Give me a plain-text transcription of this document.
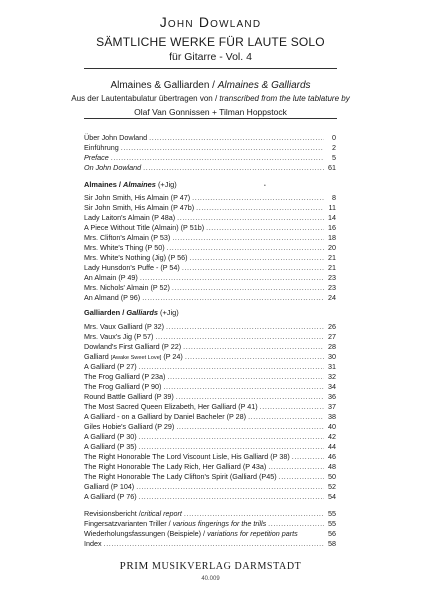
John Dowland
SÄMTLICHE WERKE FÜR LAUTE SOLO
für Gitarre - Vol. 4
Almaines & Galliarden / Almaines & Galliards
Aus der Lautentabulatur übertragen von / transcribed from the lute tablature by
Olaf Van Gonnissen + Tilman Hoppstock
Über John Dowland .....	0
Einführung .....	2
Preface .....	5
On John Dowland .....	61
Almaines / Almaines (+Jig)	•
Sir John Smith, His Almain (P 47) .....	8
Sir John Smith, His Almain (P 47b) .....	11
Lady Laiton's Almain (P 48a) .....	14
A Piece Without Title (Almain) (P 51b) .....	16
Mrs. Clifton's Almain (P 53) .....	18
Mrs. White's Thing (P 50) .....	20
Mrs. White's Nothing (Jig) (P 56) .....	21
Lady Hunsdon's Puffe - (P 54) .....	21
An Almain (P 49) .....	23
Mrs. Nichols' Almain (P 52) .....	23
An Almand (P 96) .....	24
Galliarden / Galliards (+Jig)
Mrs. Vaux Galliard (P 32) .....	26
Mrs. Vaux's Jig (P 57) .....	27
Dowland's First Galliard (P 22) .....	28
Galliard [Awake Sweet Love] (P 24) .....	30
A Galliard (P 27) .....	31
The Frog Galliard (P 23a) .....	32
The Frog Galliard (P 90) .....	34
Round Battle Galliard (P 39) .....	36
The Most Sacred Queen Elizabeth, Her Galliard (P 41) .....	37
A Galliard - on a Galliard by Daniel Bacheler (P 28) .....	38
Giles Hobie's Galliard (P 29) .....	40
A Galliard (P 30) .....	42
A Galliard (P 35) .....	44
The Right Honorable The Lord Viscount Lisle, His Galliard (P 38) .....	46
The Right Honorable The Lady Rich, Her Galliard (P 43a) .....	48
The Right Honorable The Lady Clifton's Spirit (Galliard (P45) .....	50
Galliard (P 104) .....	52
A Galliard (P 76) .....	54
Revisionsbericht /critical report .....	55
Fingersatzvarianten Triller / various fingerings for the trills .....	55
Wiederholungsfassungen (Beispiele) / variations for repetition parts	56
Index .....	58
PRIM MUSIKVERLAG DARMSTADT
40.009
